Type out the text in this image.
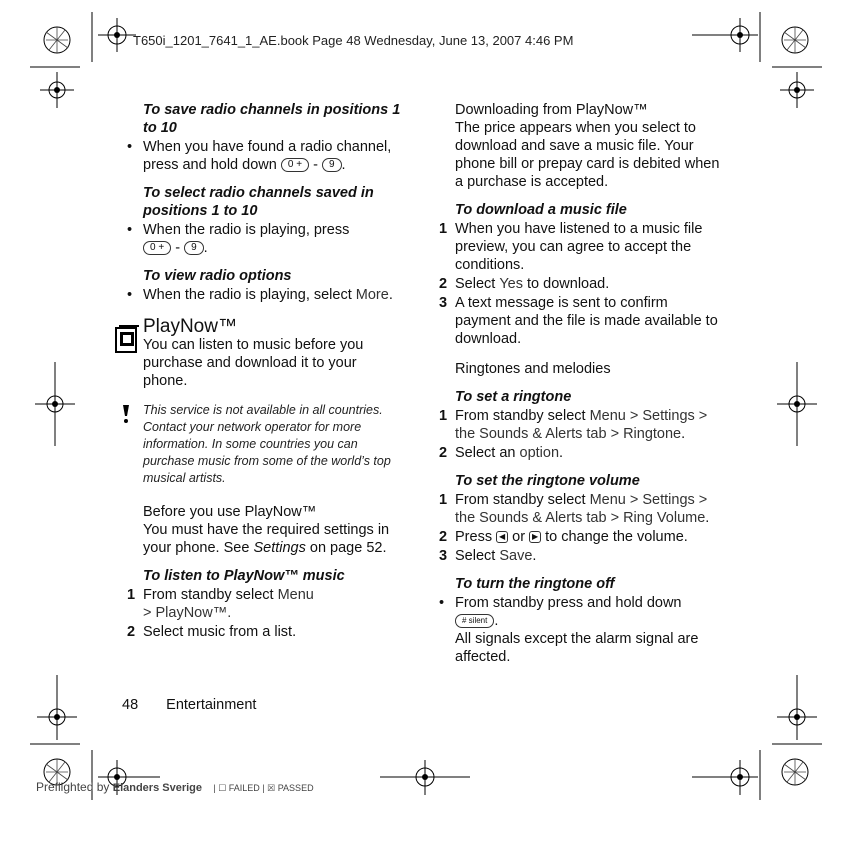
T650i_1201_7641_1_AE.book Page 48 Wednesday, June 13, 2007 4:46 PM
To save radio channels in positions 1 to 10
• When you have found a radio channel, press and hold down 0 + - 9 .
To select radio channels saved in positions 1 to 10
• When the radio is playing, press
0 + - 9 .
To view radio options
• When the radio is playing, select More.
PlayNow™
You can listen to music before you purchase and download it to your phone.
This service is not available in all countries. Contact your network operator for more information. In some countries you can purchase music from some of the world’s top musical artists.
Before you use PlayNow™
You must have the required settings in your phone. See Settings on page 52.
To listen to PlayNow™ music
1 From standby select Menu
> PlayNow™.
2 Select music from a list.
Downloading from PlayNow™
The price appears when you select to download and save a music file. Your phone bill or prepay card is debited when a purchase is accepted.
To download a music file
1 When you have listened to a music file preview, you can agree to accept the conditions.
2 Select Yes to download.
3 A text message is sent to confirm payment and the file is made available to download.
Ringtones and melodies
To set a ringtone
1 From standby select Menu > Settings > the Sounds & Alerts tab > Ringtone.
2 Select an option.
To set the ringtone volume
1 From standby select Menu > Settings > the Sounds & Alerts tab > Ring Volume.
2 Press ◀ or ▶ to change the volume.
3 Select Save.
To turn the ringtone off
• From standby press and hold down
# silent .
All signals except the alarm signal are affected.
48 Entertainment
Preflighted by Elanders Sverige | ☐ FAILED | ☒ PASSED
